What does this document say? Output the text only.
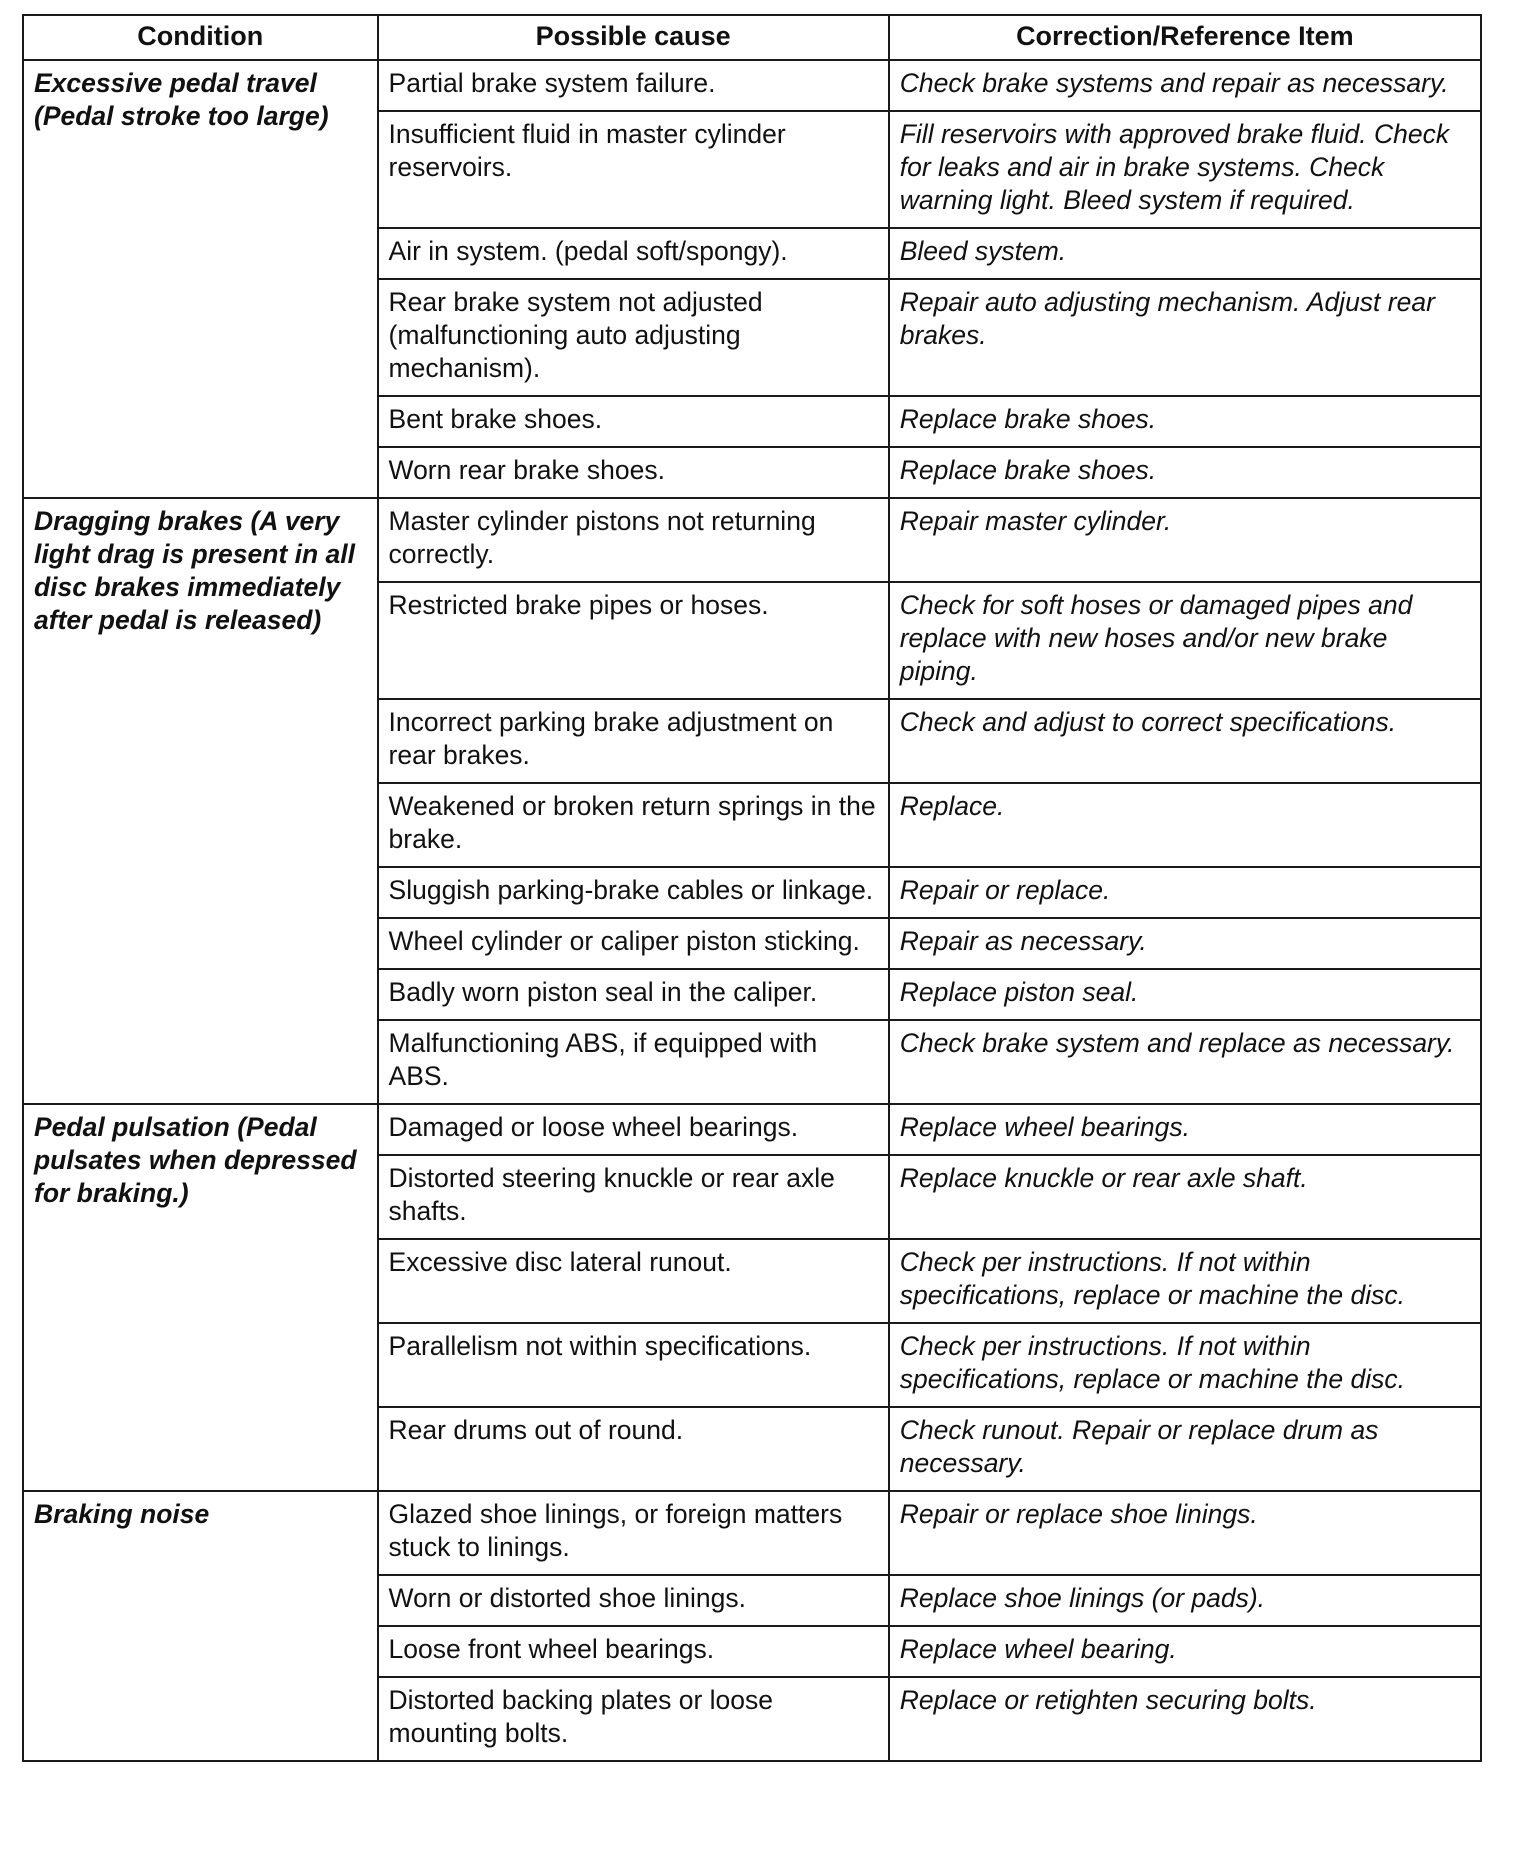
Condition	Possible cause	Correction/Reference Item
Excessive pedal travel (Pedal stroke too large)	Partial brake system failure.	Check brake systems and repair as necessary.
	Insufficient fluid in master cylinder reservoirs.	Fill reservoirs with approved brake fluid. Check for leaks and air in brake systems. Check warning light. Bleed system if required.
	Air in system. (pedal soft/spongy).	Bleed system.
	Rear brake system not adjusted (malfunctioning auto adjusting mechanism).	Repair auto adjusting mechanism. Adjust rear brakes.
	Bent brake shoes.	Replace brake shoes.
	Worn rear brake shoes.	Replace brake shoes.
Dragging brakes (A very light drag is present in all disc brakes immediately after pedal is released)	Master cylinder pistons not returning correctly.	Repair master cylinder.
	Restricted brake pipes or hoses.	Check for soft hoses or damaged pipes and replace with new hoses and/or new brake piping.
	Incorrect parking brake adjustment on rear brakes.	Check and adjust to correct specifications.
	Weakened or broken return springs in the brake.	Replace.
	Sluggish parking-brake cables or linkage.	Repair or replace.
	Wheel cylinder or caliper piston sticking.	Repair as necessary.
	Badly worn piston seal in the caliper.	Replace piston seal.
	Malfunctioning ABS, if equipped with ABS.	Check brake system and replace as necessary.
Pedal pulsation (Pedal pulsates when depressed for braking.)	Damaged or loose wheel bearings.	Replace wheel bearings.
	Distorted steering knuckle or rear axle shafts.	Replace knuckle or rear axle shaft.
	Excessive disc lateral runout.	Check per instructions. If not within specifications, replace or machine the disc.
	Parallelism not within specifications.	Check per instructions. If not within specifications, replace or machine the disc.
	Rear drums out of round.	Check runout. Repair or replace drum as necessary.
Braking noise	Glazed shoe linings, or foreign matters stuck to linings.	Repair or replace shoe linings.
	Worn or distorted shoe linings.	Replace shoe linings (or pads).
	Loose front wheel bearings.	Replace wheel bearing.
	Distorted backing plates or loose mounting bolts.	Replace or retighten securing bolts.
